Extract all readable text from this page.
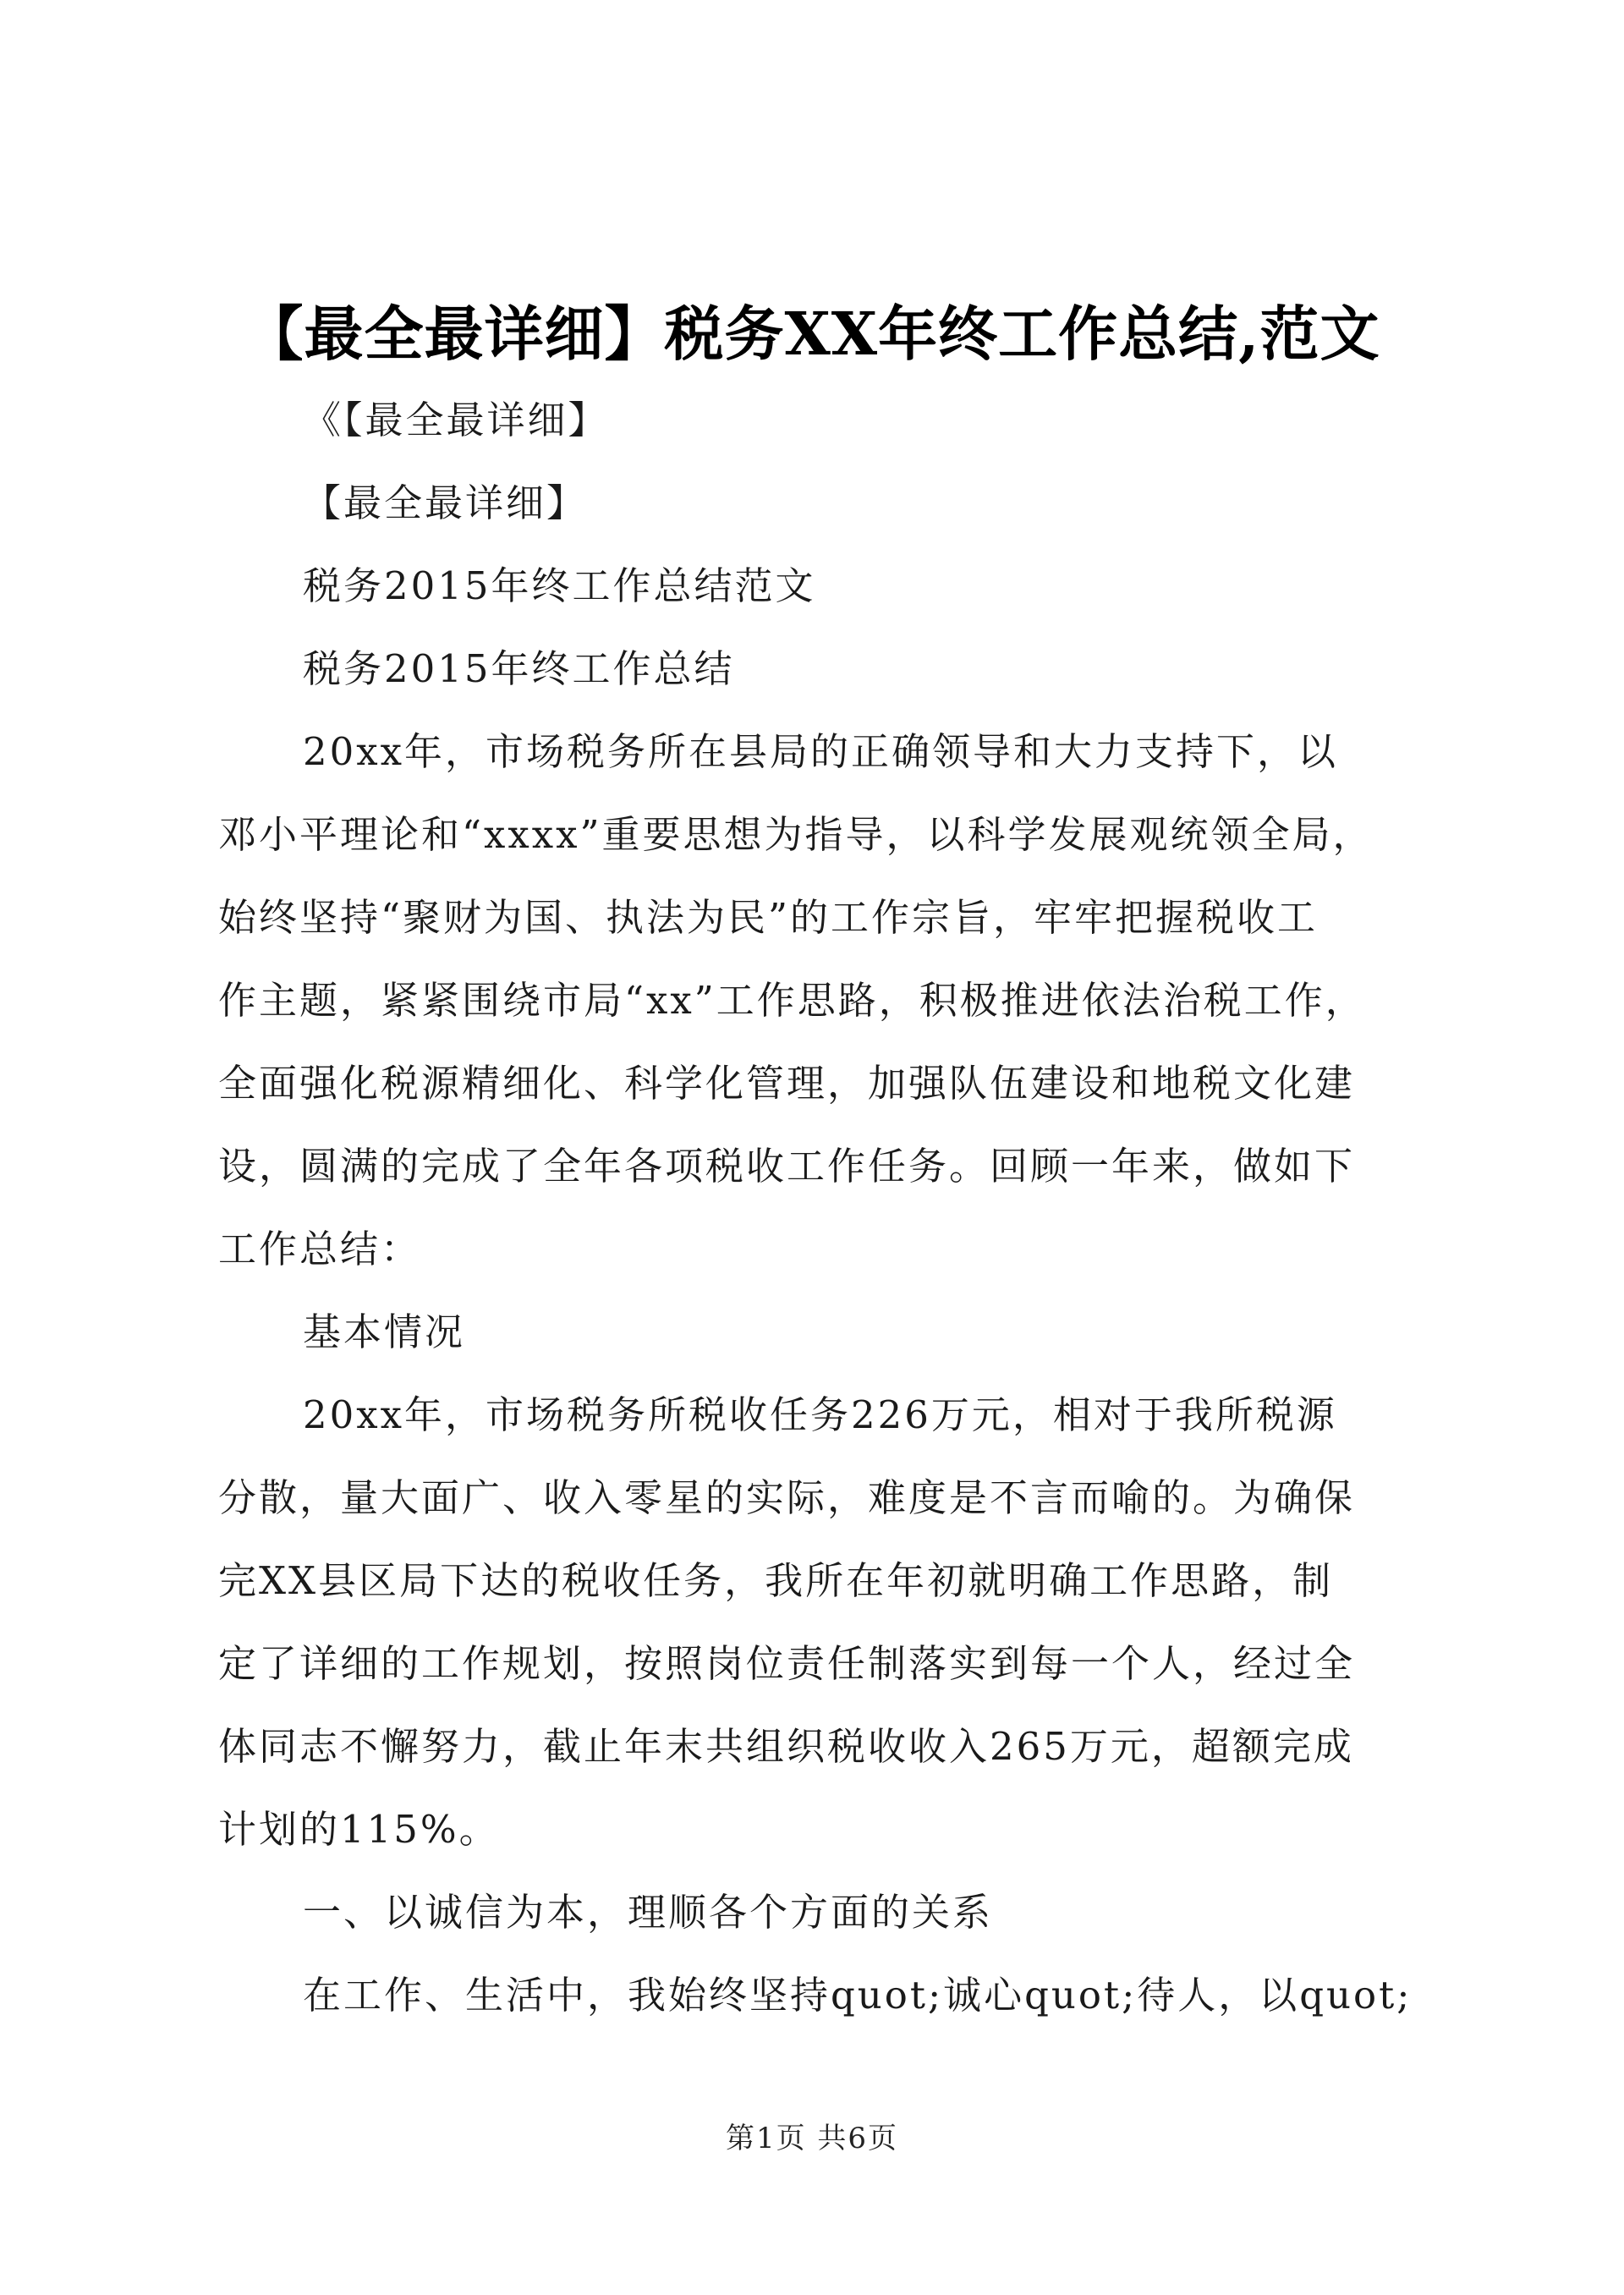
【最全最详细】税务XX年终工作总结,范文
《【最全最详细】
【最全最详细】
税务2015年终工作总结范文
税务2015年终工作总结
20xx年，市场税务所在县局的正确领导和大力支持下，以
邓小平理论和“xxxx”重要思想为指导，以科学发展观统领全局，
始终坚持“聚财为国、执法为民”的工作宗旨，牢牢把握税收工
作主题，紧紧围绕市局“xx”工作思路，积极推进依法治税工作，
全面强化税源精细化、科学化管理，加强队伍建设和地税文化建
设，圆满的完成了全年各项税收工作任务。回顾一年来，做如下
工作总结：
基本情况
20xx年，市场税务所税收任务226万元，相对于我所税源
分散，量大面广、收入零星的实际，难度是不言而喻的。为确保
完XX县区局下达的税收任务，我所在年初就明确工作思路，制
定了详细的工作规划，按照岗位责任制落实到每一个人，经过全
体同志不懈努力，截止年末共组织税收收入265万元，超额完成
计划的115%。
一、以诚信为本，理顺各个方面的关系
在工作、生活中，我始终坚持quot;诚心quot;待人，以quot;
第1页 共6页
